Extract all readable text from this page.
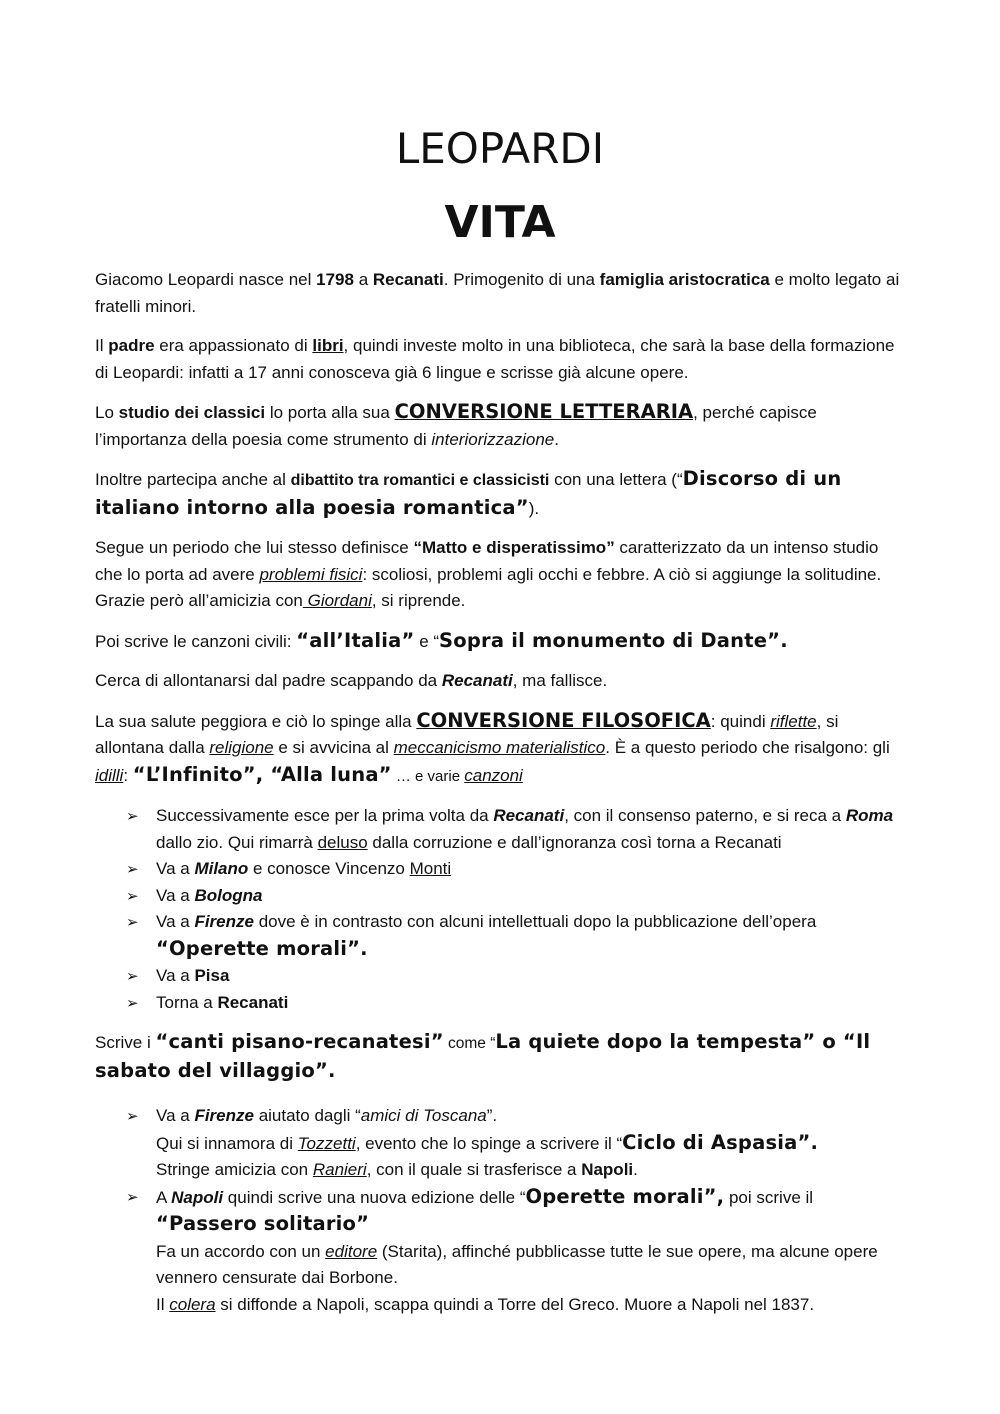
LEOPARDI
VITA

Giacomo Leopardi nasce nel 1798 a Recanati. Primogenito di una famiglia aristocratica e molto legato ai fratelli minori.

Il padre era appassionato di libri, quindi investe molto in una biblioteca, che sarà la base della formazione di Leopardi: infatti a 17 anni conosceva già 6 lingue e scrisse già alcune opere.

Lo studio dei classici lo porta alla sua CONVERSIONE LETTERARIA, perché capisce l’importanza della poesia come strumento di interiorizzazione.

Inoltre partecipa anche al dibattito tra romantici e classicisti con una lettera (“Discorso di un italiano intorno alla poesia romantica”).

Segue un periodo che lui stesso definisce “Matto e disperatissimo” caratterizzato da un intenso studio che lo porta ad avere problemi fisici: scoliosi, problemi agli occhi e febbre. A ciò si aggiunge la solitudine. Grazie però all’amicizia con Giordani, si riprende.

Poi scrive le canzoni civili: “all’Italia” e “Sopra il monumento di Dante”.

Cerca di allontanarsi dal padre scappando da Recanati, ma fallisce.

La sua salute peggiora e ciò lo spinge alla CONVERSIONE FILOSOFICA: quindi riflette, si allontana dalla religione e si avvicina al meccanicismo materialistico. È a questo periodo che risalgono: gli idilli: “L’Infinito”, “Alla luna” … e varie canzoni

➢ Successivamente esce per la prima volta da Recanati, con il consenso paterno, e si reca a Roma dallo zio. Qui rimarrà deluso dalla corruzione e dall’ignoranza così torna a Recanati
➢ Va a Milano e conosce Vincenzo Monti
➢ Va a Bologna
➢ Va a Firenze dove è in contrasto con alcuni intellettuali dopo la pubblicazione dell’opera “Operette morali”.
➢ Va a Pisa
➢ Torna a Recanati

Scrive i “canti pisano-recanatesi” come “La quiete dopo la tempesta” o “Il sabato del villaggio”.

➢ Va a Firenze aiutato dagli “amici di Toscana”.
Qui si innamora di Tozzetti, evento che lo spinge a scrivere il “Ciclo di Aspasia”.
Stringe amicizia con Ranieri, con il quale si trasferisce a Napoli.
➢ A Napoli quindi scrive una nuova edizione delle “Operette morali”, poi scrive il
“Passero solitario”
Fa un accordo con un editore (Starita), affinché pubblicasse tutte le sue opere, ma alcune opere vennero censurate dai Borbone.
Il colera si diffonde a Napoli, scappa quindi a Torre del Greco. Muore a Napoli nel 1837.
